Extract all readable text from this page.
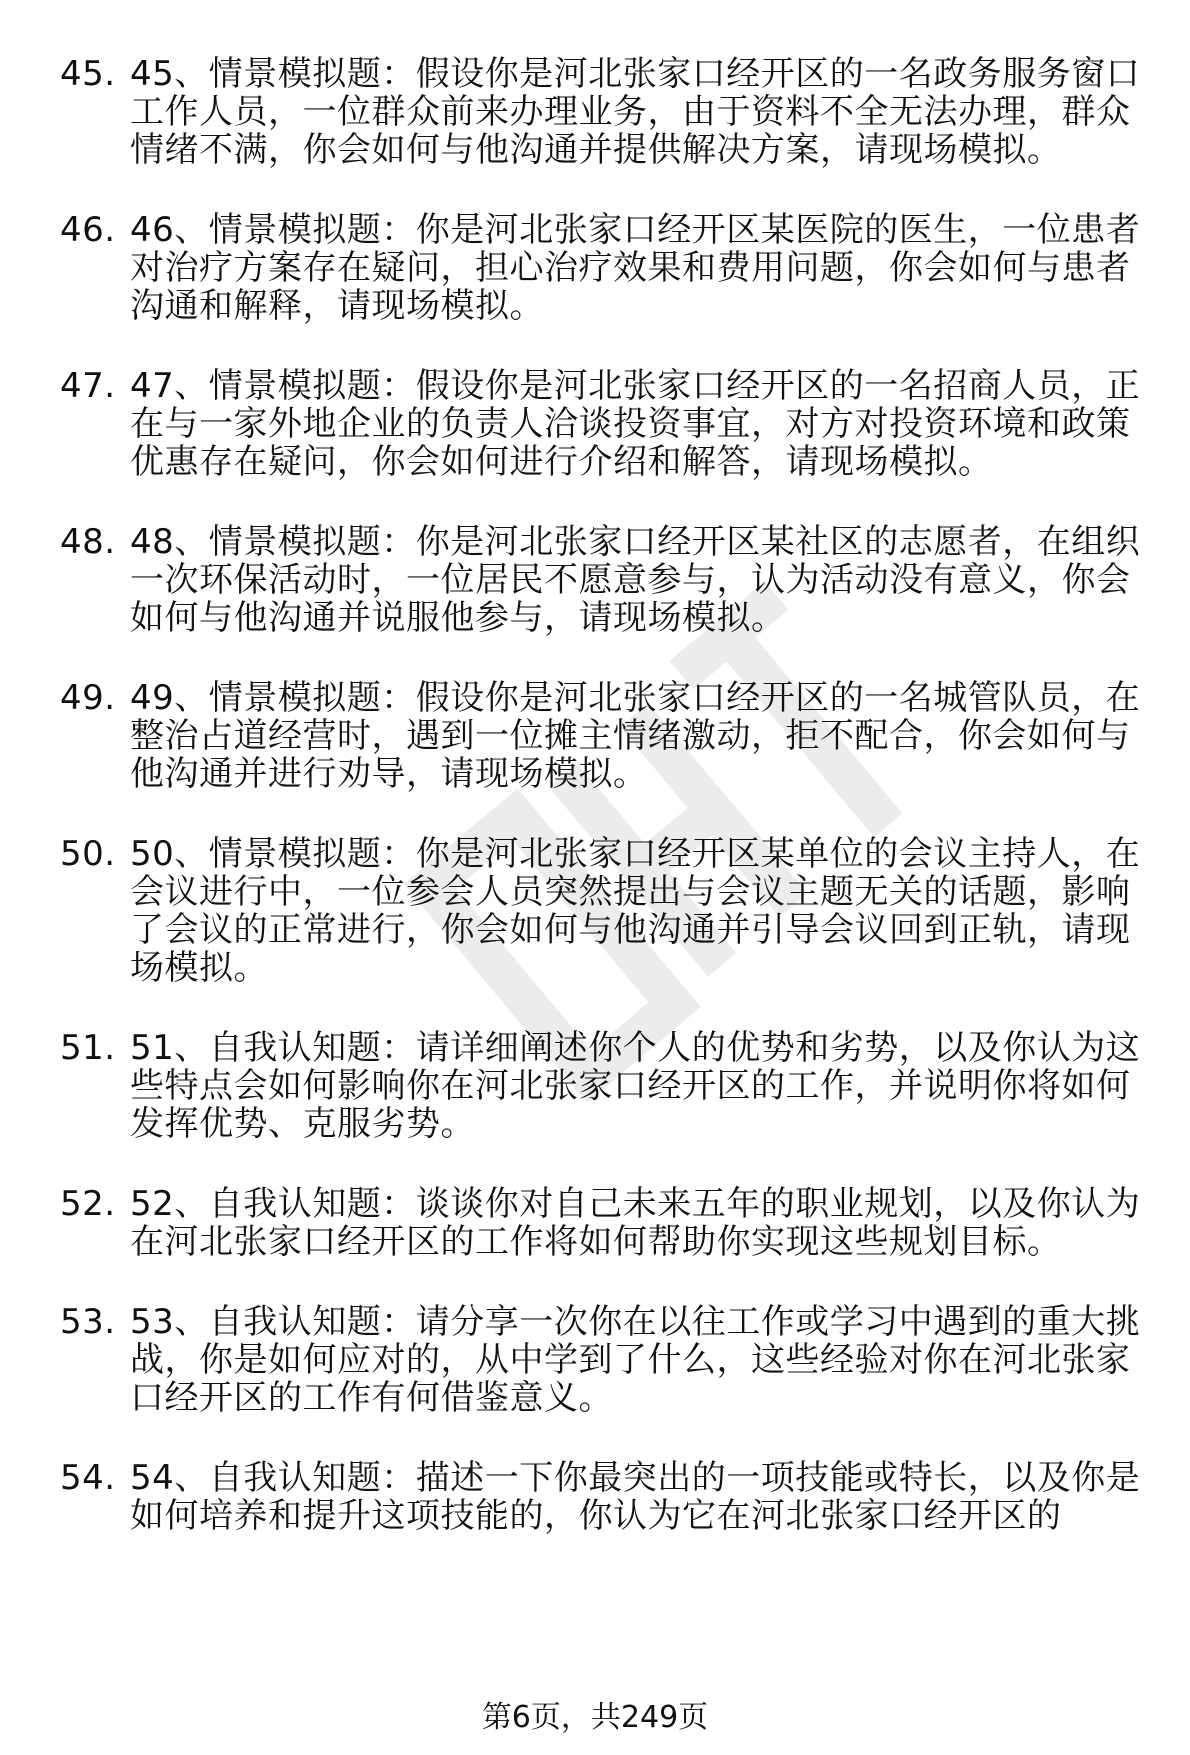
45. 45、情景模拟题：假设你是河北张家口经开区的一名政务服务窗口工作人员，一位群众前来办理业务，由于资料不全无法办理，群众情绪不满，你会如何与他沟通并提供解决方案，请现场模拟。
46. 46、情景模拟题：你是河北张家口经开区某医院的医生，一位患者对治疗方案存在疑问，担心治疗效果和费用问题，你会如何与患者沟通和解释，请现场模拟。
47. 47、情景模拟题：假设你是河北张家口经开区的一名招商人员，正在与一家外地企业的负责人洽谈投资事宜，对方对投资环境和政策优惠存在疑问，你会如何进行介绍和解答，请现场模拟。
48. 48、情景模拟题：你是河北张家口经开区某社区的志愿者，在组织一次环保活动时，一位居民不愿意参与，认为活动没有意义，你会如何与他沟通并说服他参与，请现场模拟。
49. 49、情景模拟题：假设你是河北张家口经开区的一名城管队员，在整治占道经营时，遇到一位摊主情绪激动，拒不配合，你会如何与他沟通并进行劝导，请现场模拟。
50. 50、情景模拟题：你是河北张家口经开区某单位的会议主持人，在会议进行中，一位参会人员突然提出与会议主题无关的话题，影响了会议的正常进行，你会如何与他沟通并引导会议回到正轨，请现场模拟。
51. 51、自我认知题：请详细阐述你个人的优势和劣势，以及你认为这些特点会如何影响你在河北张家口经开区的工作，并说明你将如何发挥优势、克服劣势。
52. 52、自我认知题：谈谈你对自己未来五年的职业规划，以及你认为在河北张家口经开区的工作将如何帮助你实现这些规划目标。
53. 53、自我认知题：请分享一次你在以往工作或学习中遇到的重大挑战，你是如何应对的，从中学到了什么，这些经验对你在河北张家口经开区的工作有何借鉴意义。
54. 54、自我认知题：描述一下你最突出的一项技能或特长，以及你是如何培养和提升这项技能的，你认为它在河北张家口经开区的
第6页，共249页
